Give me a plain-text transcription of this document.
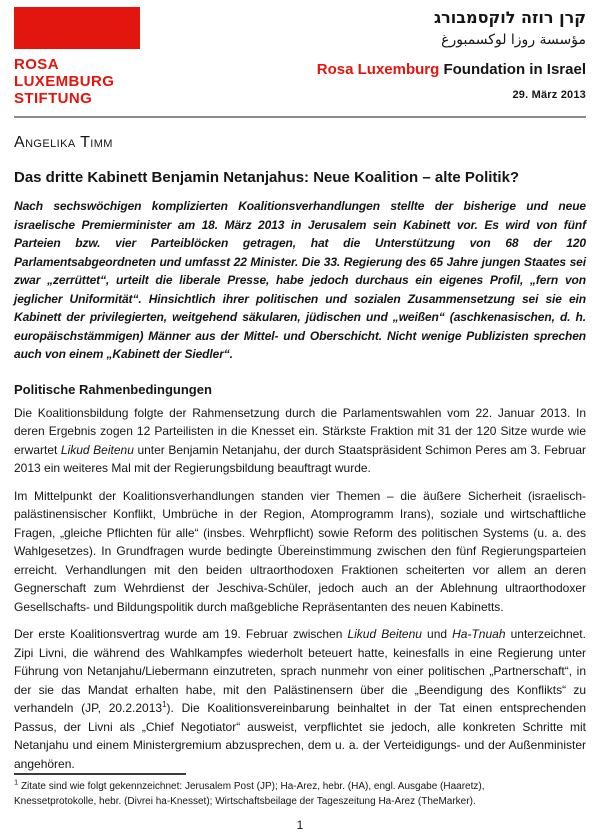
ROSA
LUXEMBURG
STIFTUNG
קרן רוזה לוקסמבורג
مؤسسة روزا لوكسمبورغ
Rosa Luxemburg Foundation in Israel
29. März 2013
Angelika Timm
Das dritte Kabinett Benjamin Netanjahus: Neue Koalition – alte Politik?

Nach sechswöchigen komplizierten Koalitionsverhandlungen stellte der bisherige und neue israelische Premierminister am 18. März 2013 in Jerusalem sein Kabinett vor. Es wird von fünf Parteien bzw. vier Parteiblöcken getragen, hat die Unterstützung von 68 der 120 Parlamentsabgeordneten und umfasst 22 Minister. Die 33. Regierung des 65 Jahre jungen Staates sei zwar „zerrüttet“, urteilt die liberale Presse, habe jedoch durchaus ein eigenes Profil, „fern von jeglicher Uniformität“. Hinsichtlich ihrer politischen und sozialen Zusammensetzung sei sie ein Kabinett der privilegierten, weitgehend säkularen, jüdischen und „weißen“ (aschkenasischen, d. h. europäischstämmigen) Männer aus der Mittel- und Oberschicht. Nicht wenige Publizisten sprechen auch von einem „Kabinett der Siedler“.

Politische Rahmenbedingungen

Die Koalitionsbildung folgte der Rahmensetzung durch die Parlamentswahlen vom 22. Januar 2013. In deren Ergebnis zogen 12 Parteilisten in die Knesset ein. Stärkste Fraktion mit 31 der 120 Sitze wurde wie erwartet Likud Beitenu unter Benjamin Netanjahu, der durch Staatspräsident Schimon Peres am 3. Februar 2013 ein weiteres Mal mit der Regierungsbildung beauftragt wurde.

Im Mittelpunkt der Koalitionsverhandlungen standen vier Themen – die äußere Sicherheit (israelisch-palästinensischer Konflikt, Umbrüche in der Region, Atomprogramm Irans), soziale und wirtschaftliche Fragen, „gleiche Pflichten für alle“ (insbes. Wehrpflicht) sowie Reform des politischen Systems (u. a. des Wahlgesetzes). In Grundfragen wurde bedingte Übereinstimmung zwischen den fünf Regierungsparteien erreicht. Verhandlungen mit den beiden ultraorthodoxen Fraktionen scheiterten vor allem an deren Gegnerschaft zum Wehrdienst der Jeschiva-Schüler, jedoch auch an der Ablehnung ultraorthodoxer Gesellschafts- und Bildungspolitik durch maßgebliche Repräsentanten des neuen Kabinetts.

Der erste Koalitionsvertrag wurde am 19. Februar zwischen Likud Beitenu und Ha-Tnuah unterzeichnet. Zipi Livni, die während des Wahlkampfes wiederholt beteuert hatte, keinesfalls in eine Regierung unter Führung von Netanjahu/Liebermann einzutreten, sprach nunmehr von einer politischen „Partnerschaft“, in der sie das Mandat erhalten habe, mit den Palästinensern über die „Beendigung des Konflikts“ zu verhandeln (JP, 20.2.2013$^1$). Die Koalitionsvereinbarung beinhaltet in der Tat einen entsprechenden Passus, der Livni als „Chief Negotiator“ ausweist, verpflichtet sie jedoch, alle konkreten Schritte mit Netanjahu und einem Ministergremium abzusprechen, dem u. a. der Verteidigungs- und der Außenminister angehören.

$^1$ Zitate sind wie folgt gekennzeichnet: Jerusalem Post (JP); Ha-Arez, hebr. (HA), engl. Ausgabe (Haaretz), Knessetprotokolle, hebr. (Divrei ha-Knesset); Wirtschaftsbeilage der Tageszeitung Ha-Arez (TheMarker).
1
